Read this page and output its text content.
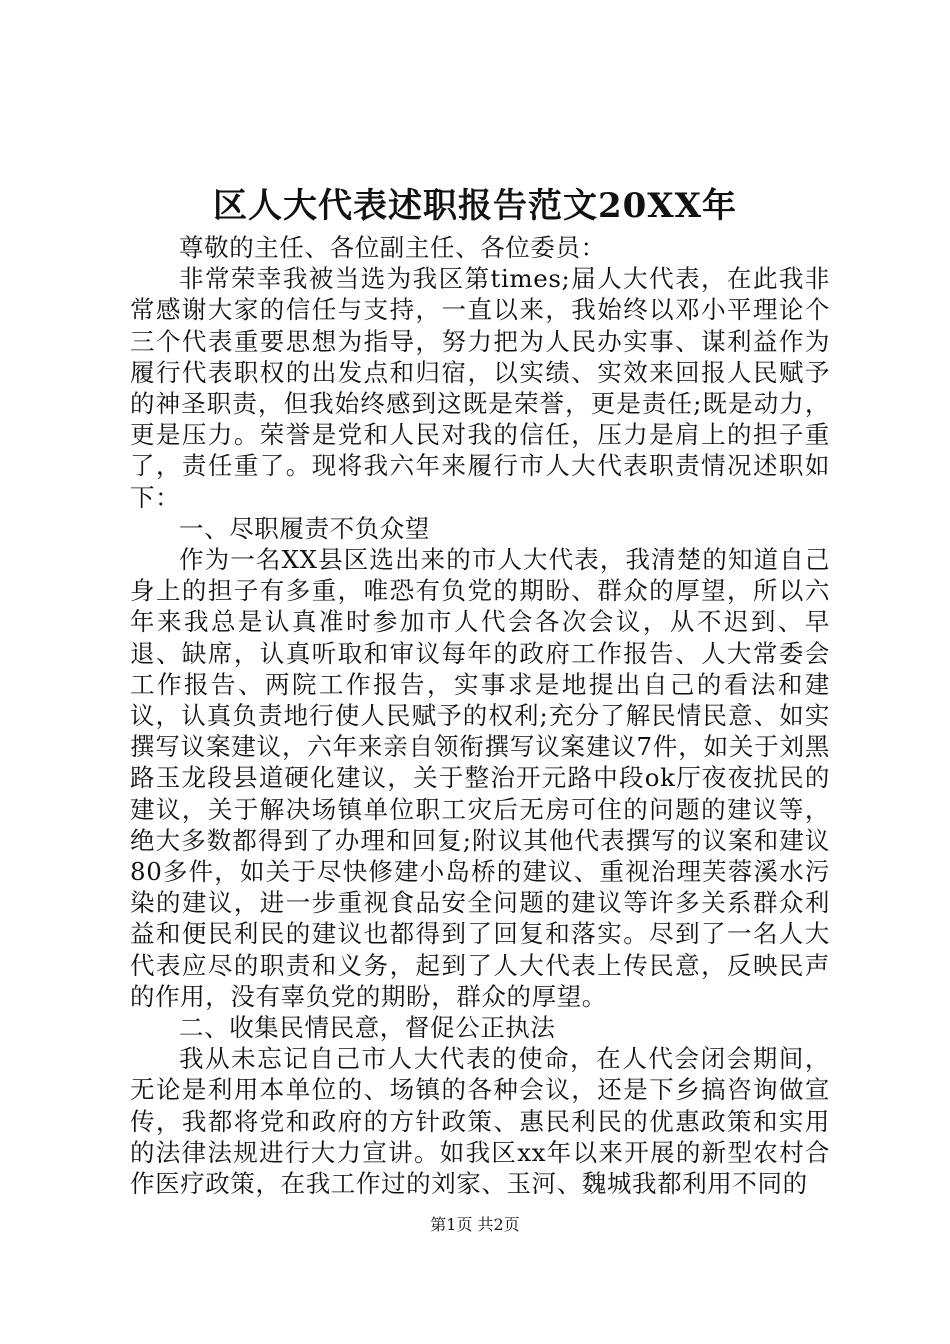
区人大代表述职报告范文20XX年

尊敬的主任、各位副主任、各位委员：

非常荣幸我被当选为我区第times;届人大代表，在此我非常感谢大家的信任与支持，一直以来，我始终以邓小平理论个三个代表重要思想为指导，努力把为人民办实事、谋利益作为履行代表职权的出发点和归宿，以实绩、实效来回报人民赋予的神圣职责，但我始终感到这既是荣誉，更是责任;既是动力，更是压力。荣誉是党和人民对我的信任，压力是肩上的担子重了，责任重了。现将我六年来履行市人大代表职责情况述职如下：

一、尽职履责不负众望

作为一名XX县区选出来的市人大代表，我清楚的知道自己身上的担子有多重，唯恐有负党的期盼、群众的厚望，所以六年来我总是认真准时参加市人代会各次会议，从不迟到、早退、缺席，认真听取和审议每年的政府工作报告、人大常委会工作报告、两院工作报告，实事求是地提出自己的看法和建议，认真负责地行使人民赋予的权利;充分了解民情民意、如实撰写议案建议，六年来亲自领衔撰写议案建议7件，如关于刘黑路玉龙段县道硬化建议，关于整治开元路中段ok厅夜夜扰民的建议，关于解决场镇单位职工灾后无房可住的问题的建议等，绝大多数都得到了办理和回复;附议其他代表撰写的议案和建议80多件，如关于尽快修建小岛桥的建议、重视治理芙蓉溪水污染的建议，进一步重视食品安全问题的建议等许多关系群众利益和便民利民的建议也都得到了回复和落实。尽到了一名人大代表应尽的职责和义务，起到了人大代表上传民意，反映民声的作用，没有辜负党的期盼，群众的厚望。

二、收集民情民意，督促公正执法

我从未忘记自己市人大代表的使命，在人代会闭会期间，无论是利用本单位的、场镇的各种会议，还是下乡搞咨询做宣传，我都将党和政府的方针政策、惠民利民的优惠政策和实用的法律法规进行大力宣讲。如我区xx年以来开展的新型农村合作医疗政策，在我工作过的刘家、玉河、魏城我都利用不同的

第1页 共2页
